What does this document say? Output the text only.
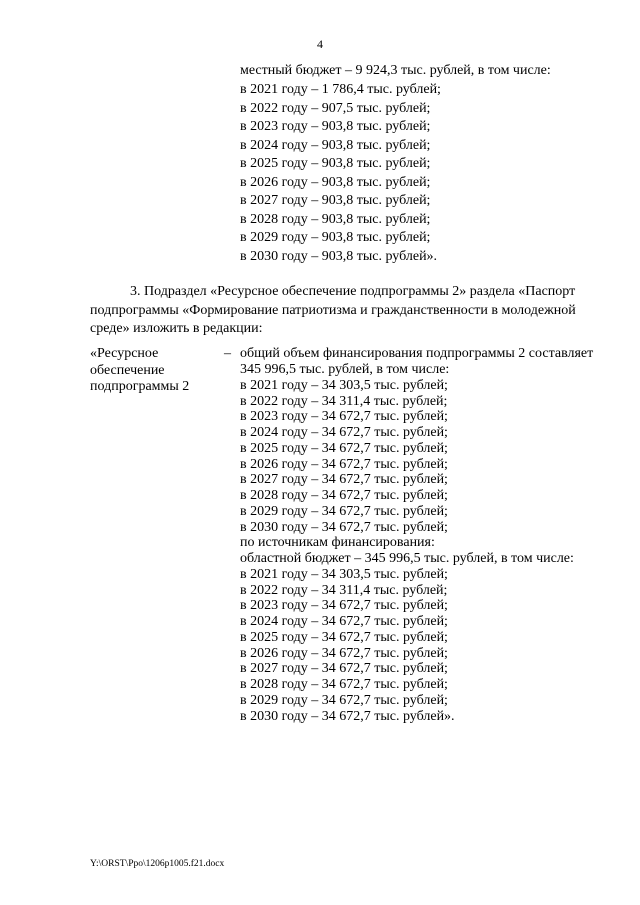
4
местный бюджет – 9 924,3 тыс. рублей, в том числе:
в 2021 году – 1 786,4 тыс. рублей;
в 2022 году – 907,5 тыс. рублей;
в 2023 году – 903,8 тыс. рублей;
в 2024 году – 903,8 тыс. рублей;
в 2025 году – 903,8 тыс. рублей;
в 2026 году – 903,8 тыс. рублей;
в 2027 году – 903,8 тыс. рублей;
в 2028 году – 903,8 тыс. рублей;
в 2029 году – 903,8 тыс. рублей;
в 2030 году – 903,8 тыс. рублей».
3. Подраздел «Ресурсное обеспечение подпрограммы 2» раздела «Паспорт
подпрограммы «Формирование патриотизма и гражданственности в молодежной
среде» изложить в редакции:
«Ресурсное
обеспечение
подпрограммы 2
– общий объем финансирования подпрограммы 2 составляет
345 996,5 тыс. рублей, в том числе:
в 2021 году – 34 303,5 тыс. рублей;
в 2022 году – 34 311,4 тыс. рублей;
в 2023 году – 34 672,7 тыс. рублей;
в 2024 году – 34 672,7 тыс. рублей;
в 2025 году – 34 672,7 тыс. рублей;
в 2026 году – 34 672,7 тыс. рублей;
в 2027 году – 34 672,7 тыс. рублей;
в 2028 году – 34 672,7 тыс. рублей;
в 2029 году – 34 672,7 тыс. рублей;
в 2030 году – 34 672,7 тыс. рублей;
по источникам финансирования:
областной бюджет – 345 996,5 тыс. рублей, в том числе:
в 2021 году – 34 303,5 тыс. рублей;
в 2022 году – 34 311,4 тыс. рублей;
в 2023 году – 34 672,7 тыс. рублей;
в 2024 году – 34 672,7 тыс. рублей;
в 2025 году – 34 672,7 тыс. рублей;
в 2026 году – 34 672,7 тыс. рублей;
в 2027 году – 34 672,7 тыс. рублей;
в 2028 году – 34 672,7 тыс. рублей;
в 2029 году – 34 672,7 тыс. рублей;
в 2030 году – 34 672,7 тыс. рублей».
Y:\ORST\Ppo\1206p1005.f21.docx
